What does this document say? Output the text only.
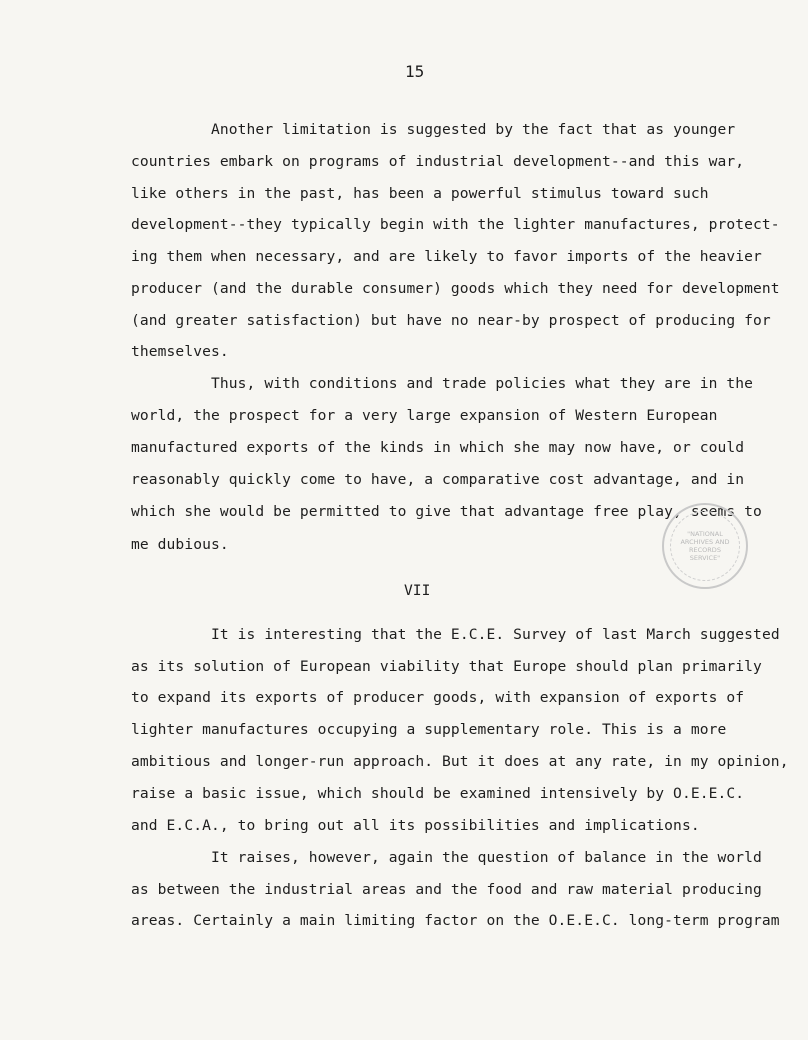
15
Another limitation is suggested by the fact that as younger
countries embark on programs of industrial development--and this war,
like others in the past, has been a powerful stimulus toward such
development--they typically begin with the lighter manufactures, protect-
ing them when necessary, and are likely to favor imports of the heavier
producer (and the durable consumer) goods which they need for development
(and greater satisfaction) but have no near-by prospect of producing for
themselves.
Thus, with conditions and trade policies what they are in the
world, the prospect for a very large expansion of Western European
manufactured exports of the kinds in which she may now have, or could
reasonably quickly come to have, a comparative cost advantage, and in
which she would be permitted to give that advantage free play, seems to
me dubious.
VII
It is interesting that the E.C.E. Survey of last March suggested
as its solution of European viability that Europe should plan primarily
to expand its exports of producer goods, with expansion of exports of
lighter manufactures occupying a supplementary role. This is a more
ambitious and longer-run approach. But it does at any rate, in my opinion,
raise a basic issue, which should be examined intensively by O.E.E.C.
and E.C.A., to bring out all its possibilities and implications.
It raises, however, again the question of balance in the world
as between the industrial areas and the food and raw material producing
areas. Certainly a main limiting factor on the O.E.E.C. long-term program
"NATIONAL
ARCHIVES AND
RECORDS
SERVICE"
